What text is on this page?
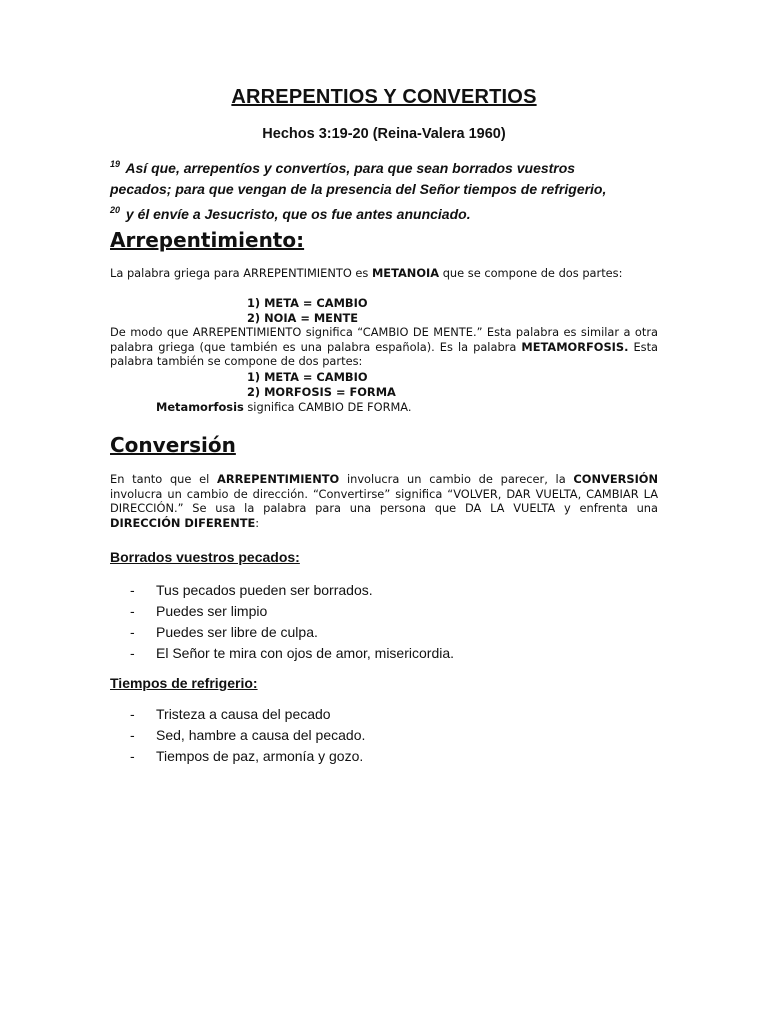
ARREPENTIOS Y CONVERTIOS
Hechos 3:19-20 (Reina-Valera 1960)
$^{19}$ Así que, arrepentíos y convertíos, para que sean borrados vuestros pecados; para que vengan de la presencia del Señor tiempos de refrigerio, $^{20}$ y él envíe a Jesucristo, que os fue antes anunciado.
Arrepentimiento:
La palabra griega para ARREPENTIMIENTO es METANOIA que se compone de dos partes:
1) META = CAMBIO
2) NOIA = MENTE
De modo que ARREPENTIMIENTO significa “CAMBIO DE MENTE.” Esta palabra es similar a otra palabra griega (que también es una palabra española). Es la palabra METAMORFOSIS. Esta palabra también se compone de dos partes:
1) META = CAMBIO
2) MORFOSIS = FORMA
Metamorfosis significa CAMBIO DE FORMA.
Conversión
En tanto que el ARREPENTIMIENTO involucra un cambio de parecer, la CONVERSIÓN involucra un cambio de dirección. “Convertirse” significa “VOLVER, DAR VUELTA, CAMBIAR LA DIRECCIÓN.” Se usa la palabra para una persona que DA LA VUELTA y enfrenta una DIRECCIÓN DIFERENTE:
Borrados vuestros pecados:
- Tus pecados pueden ser borrados.
- Puedes ser limpio
- Puedes ser libre de culpa.
- El Señor te mira con ojos de amor, misericordia.
Tiempos de refrigerio:
- Tristeza a causa del pecado
- Sed, hambre a causa del pecado.
- Tiempos de paz, armonía y gozo.
